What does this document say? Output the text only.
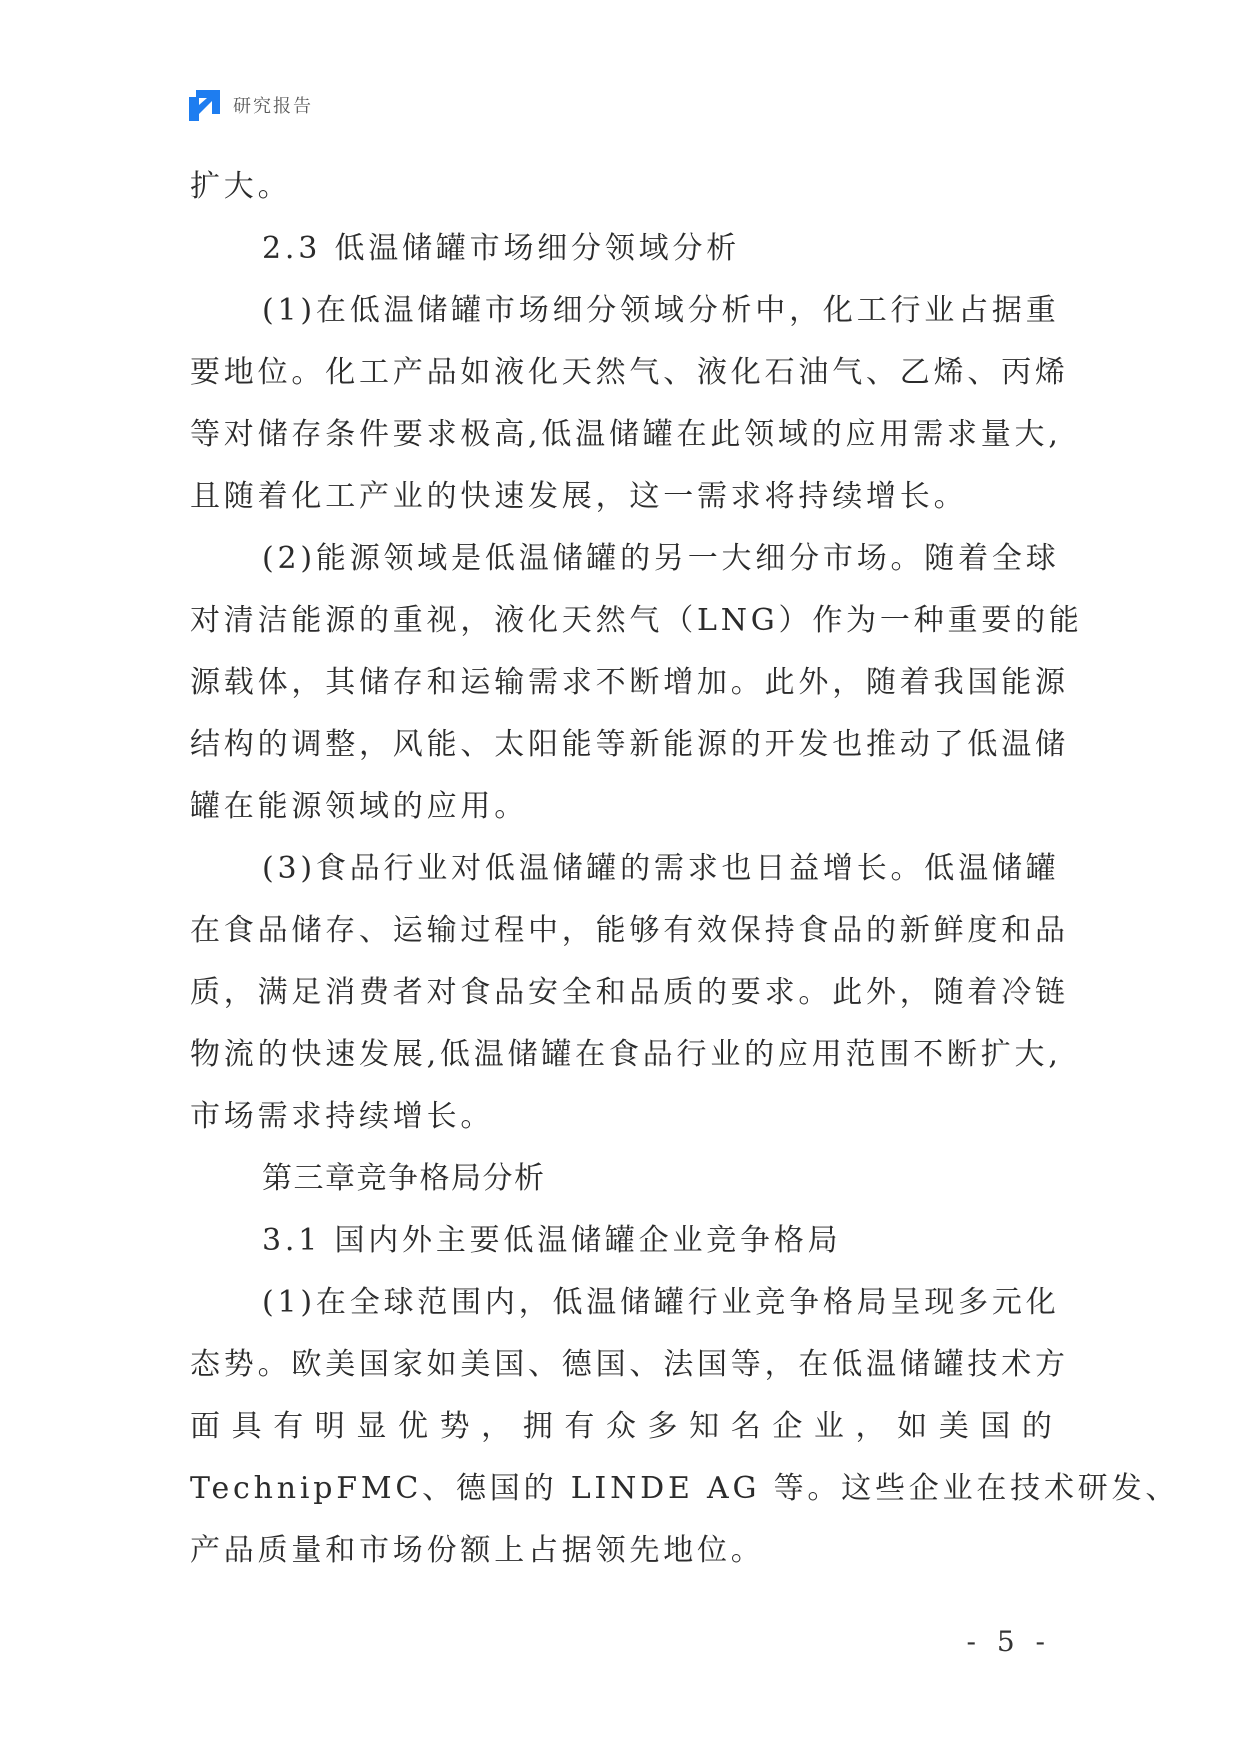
研究报告
扩大。
2.3 低温储罐市场细分领域分析
(1)在低温储罐市场细分领域分析中，化工行业占据重
要地位。化工产品如液化天然气、液化石油气、乙烯、丙烯
等对储存条件要求极高,低温储罐在此领域的应用需求量大,
且随着化工产业的快速发展，这一需求将持续增长。
(2)能源领域是低温储罐的另一大细分市场。随着全球
对清洁能源的重视，液化天然气（LNG）作为一种重要的能
源载体，其储存和运输需求不断增加。此外，随着我国能源
结构的调整，风能、太阳能等新能源的开发也推动了低温储
罐在能源领域的应用。
(3)食品行业对低温储罐的需求也日益增长。低温储罐
在食品储存、运输过程中，能够有效保持食品的新鲜度和品
质，满足消费者对食品安全和品质的要求。此外，随着冷链
物流的快速发展,低温储罐在食品行业的应用范围不断扩大,
市场需求持续增长。
第三章竞争格局分析
3.1 国内外主要低温储罐企业竞争格局
(1)在全球范围内，低温储罐行业竞争格局呈现多元化
态势。欧美国家如美国、德国、法国等，在低温储罐技术方
面 具 有 明 显 优 势 ， 拥 有 众 多 知 名 企 业 ， 如 美 国 的
TechnipFMC、德国的 LINDE AG 等。这些企业在技术研发、
产品质量和市场份额上占据领先地位。
- 5 -
